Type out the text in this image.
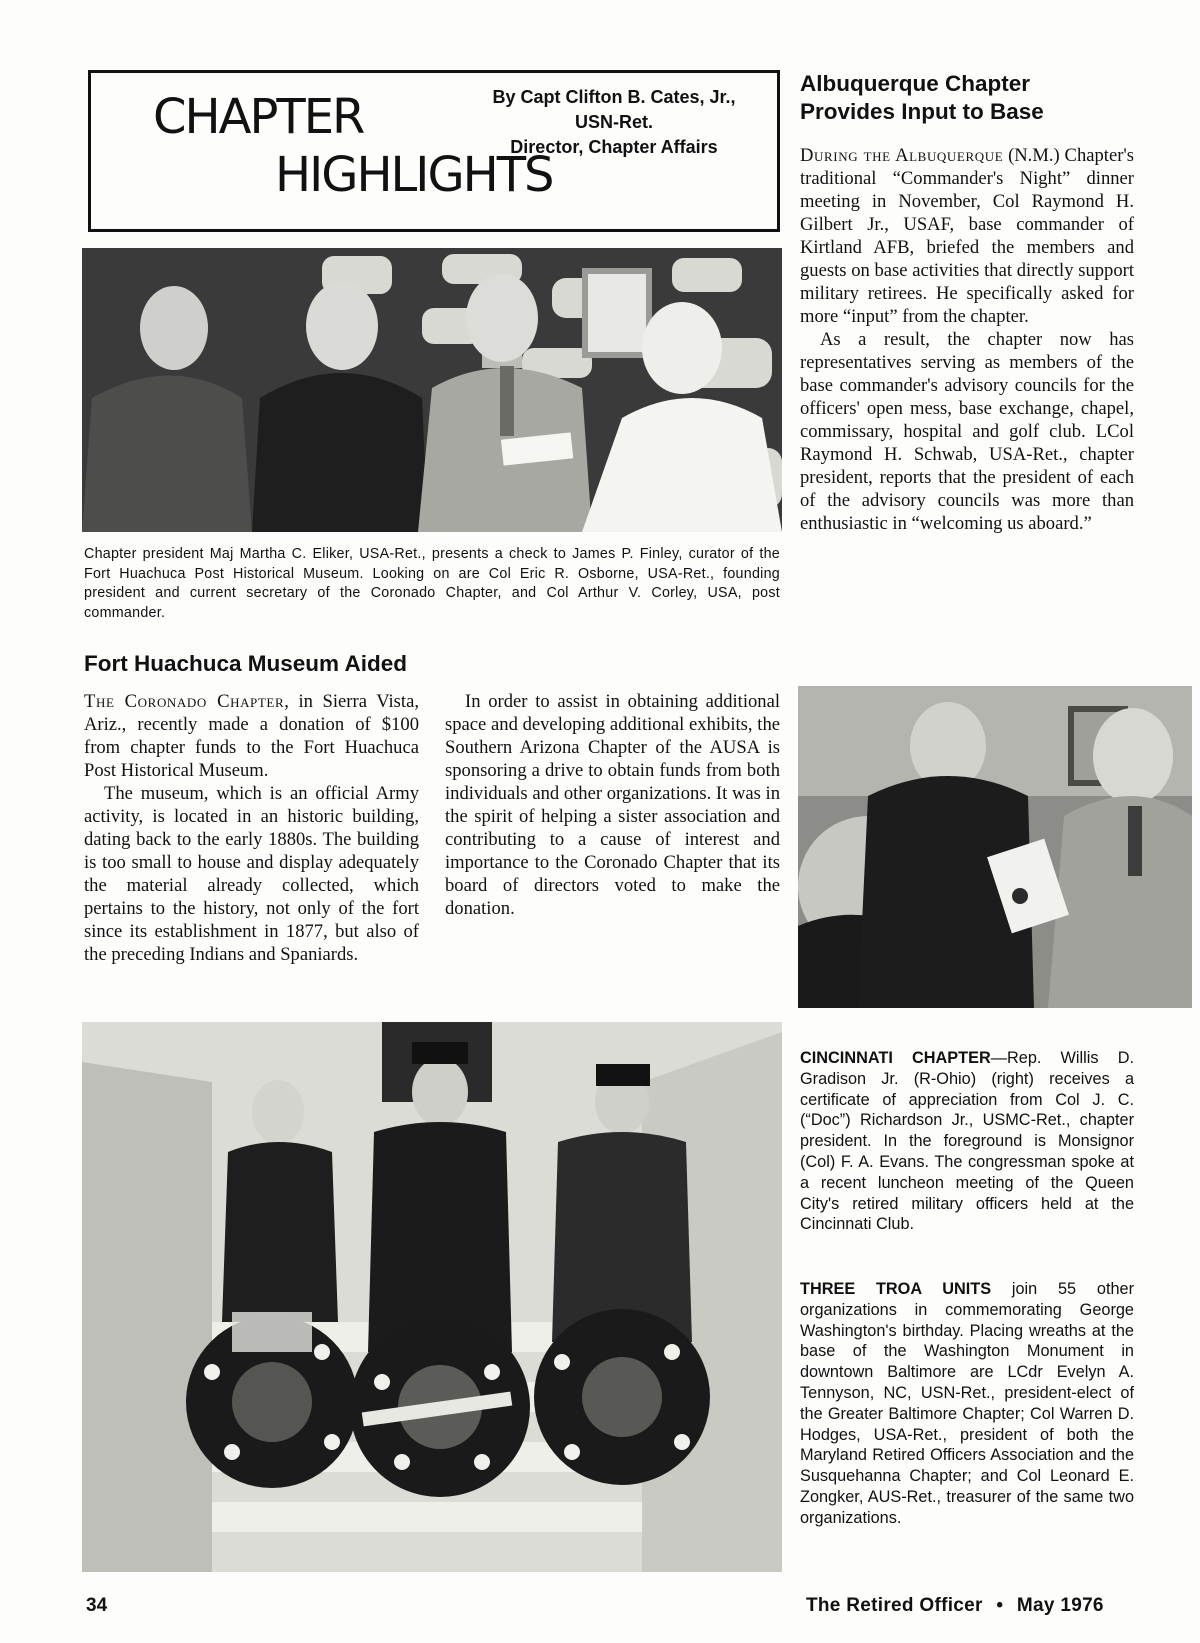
CHAPTER
HIGHLIGHTS
By Capt Clifton B. Cates, Jr.,
USN-Ret.
Director, Chapter Affairs
Chapter president Maj Martha C. Eliker, USA-Ret., presents a check to James P. Finley, curator of the Fort Huachuca Post Historical Museum. Looking on are Col Eric R. Osborne, USA-Ret., founding president and current secretary of the Coronado Chapter, and Col Arthur V. Corley, USA, post commander.
Albuquerque Chapter
Provides Input to Base

During the Albuquerque (N.M.) Chapter's traditional “Commander's Night” dinner meeting in November, Col Raymond H. Gilbert Jr., USAF, base commander of Kirtland AFB, briefed the members and guests on base activities that directly support military retirees. He specifically asked for more “input” from the chapter.

As a result, the chapter now has representatives serving as members of the base commander's advisory councils for the officers' open mess, base exchange, chapel, commissary, hospital and golf club. LCol Raymond H. Schwab, USA-Ret., chapter president, reports that the president of each of the advisory councils was more than enthusiastic in “welcoming us aboard.”

Fort Huachuca Museum Aided

The Coronado Chapter, in Sierra Vista, Ariz., recently made a donation of $100 from chapter funds to the Fort Huachuca Post Historical Museum.

The museum, which is an official Army activity, is located in an historic building, dating back to the early 1880s. The building is too small to house and display adequately the material already collected, which pertains to the history, not only of the fort since its establishment in 1877, but also of the preceding Indians and Spaniards.

In order to assist in obtaining additional space and developing additional exhibits, the Southern Arizona Chapter of the AUSA is sponsoring a drive to obtain funds from both individuals and other organizations. It was in the spirit of helping a sister association and contributing to a cause of interest and importance to the Coronado Chapter that its board of directors voted to make the donation.

CINCINNATI CHAPTER—Rep. Willis D. Gradison Jr. (R-Ohio) (right) receives a certificate of appreciation from Col J. C. (“Doc”) Richardson Jr., USMC-Ret., chapter president. In the foreground is Monsignor (Col) F. A. Evans. The congressman spoke at a recent luncheon meeting of the Queen City's retired military officers held at the Cincinnati Club.
THREE TROA UNITS join 55 other organizations in commemorating George Washington's birthday. Placing wreaths at the base of the Washington Monument in downtown Baltimore are LCdr Evelyn A. Tennyson, NC, USN-Ret., president-elect of the Greater Baltimore Chapter; Col Warren D. Hodges, USA-Ret., president of both the Maryland Retired Officers Association and the Susquehanna Chapter; and Col Leonard E. Zongker, AUS-Ret., treasurer of the same two organizations.
34	The Retired Officer • May 1976
